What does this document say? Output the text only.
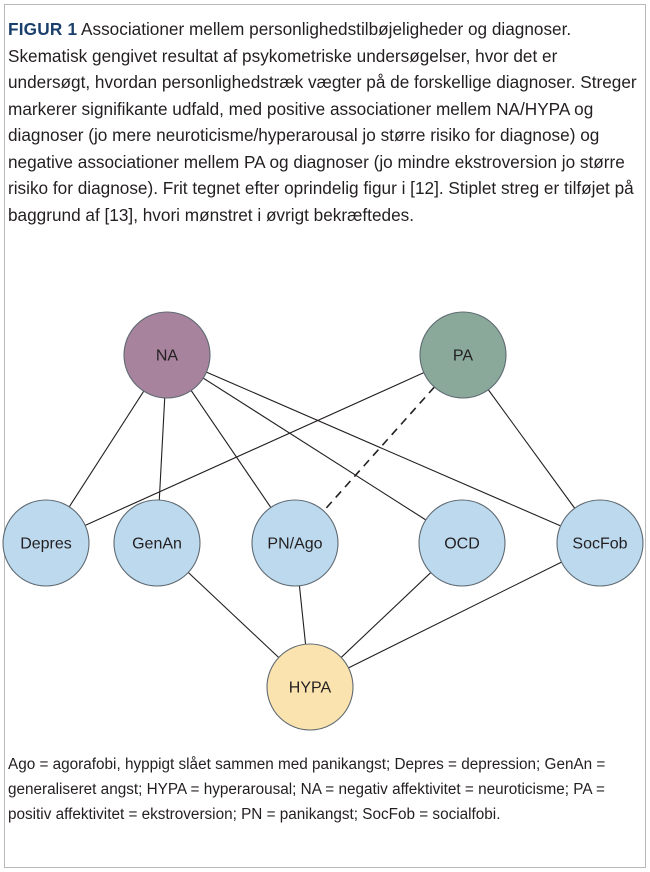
FIGUR 1 Associationer mellem personlighedstilbøjeligheder og diagnoser. Skematisk gengivet resultat af psykometriske undersøgelser, hvor det er undersøgt, hvordan personlighedstræk vægter på de forskellige diagnoser. Streger markerer signifikante udfald, med positive associationer mellem NA/HYPA og diagnoser (jo mere neuroticisme/hyperarousal jo større risiko for diagnose) og negative associationer mellem PA og diagnoser (jo mindre ekstroversion jo større risiko for diagnose). Frit tegnet efter oprindelig figur i [12]. Stiplet streg er tilføjet på baggrund af [13], hvori mønstret i øvrigt bekræftedes.
NA	PA
Depres	GenAn	PN/Ago	OCD	SocFob
HYPA
Ago = agorafobi, hyppigt slået sammen med panikangst; Depres = depression; GenAn = generaliseret angst; HYPA = hyperarousal; NA = negativ affektivitet = neuroticisme; PA = positiv affektivitet = ekstroversion; PN = panikangst; SocFob = socialfobi.
